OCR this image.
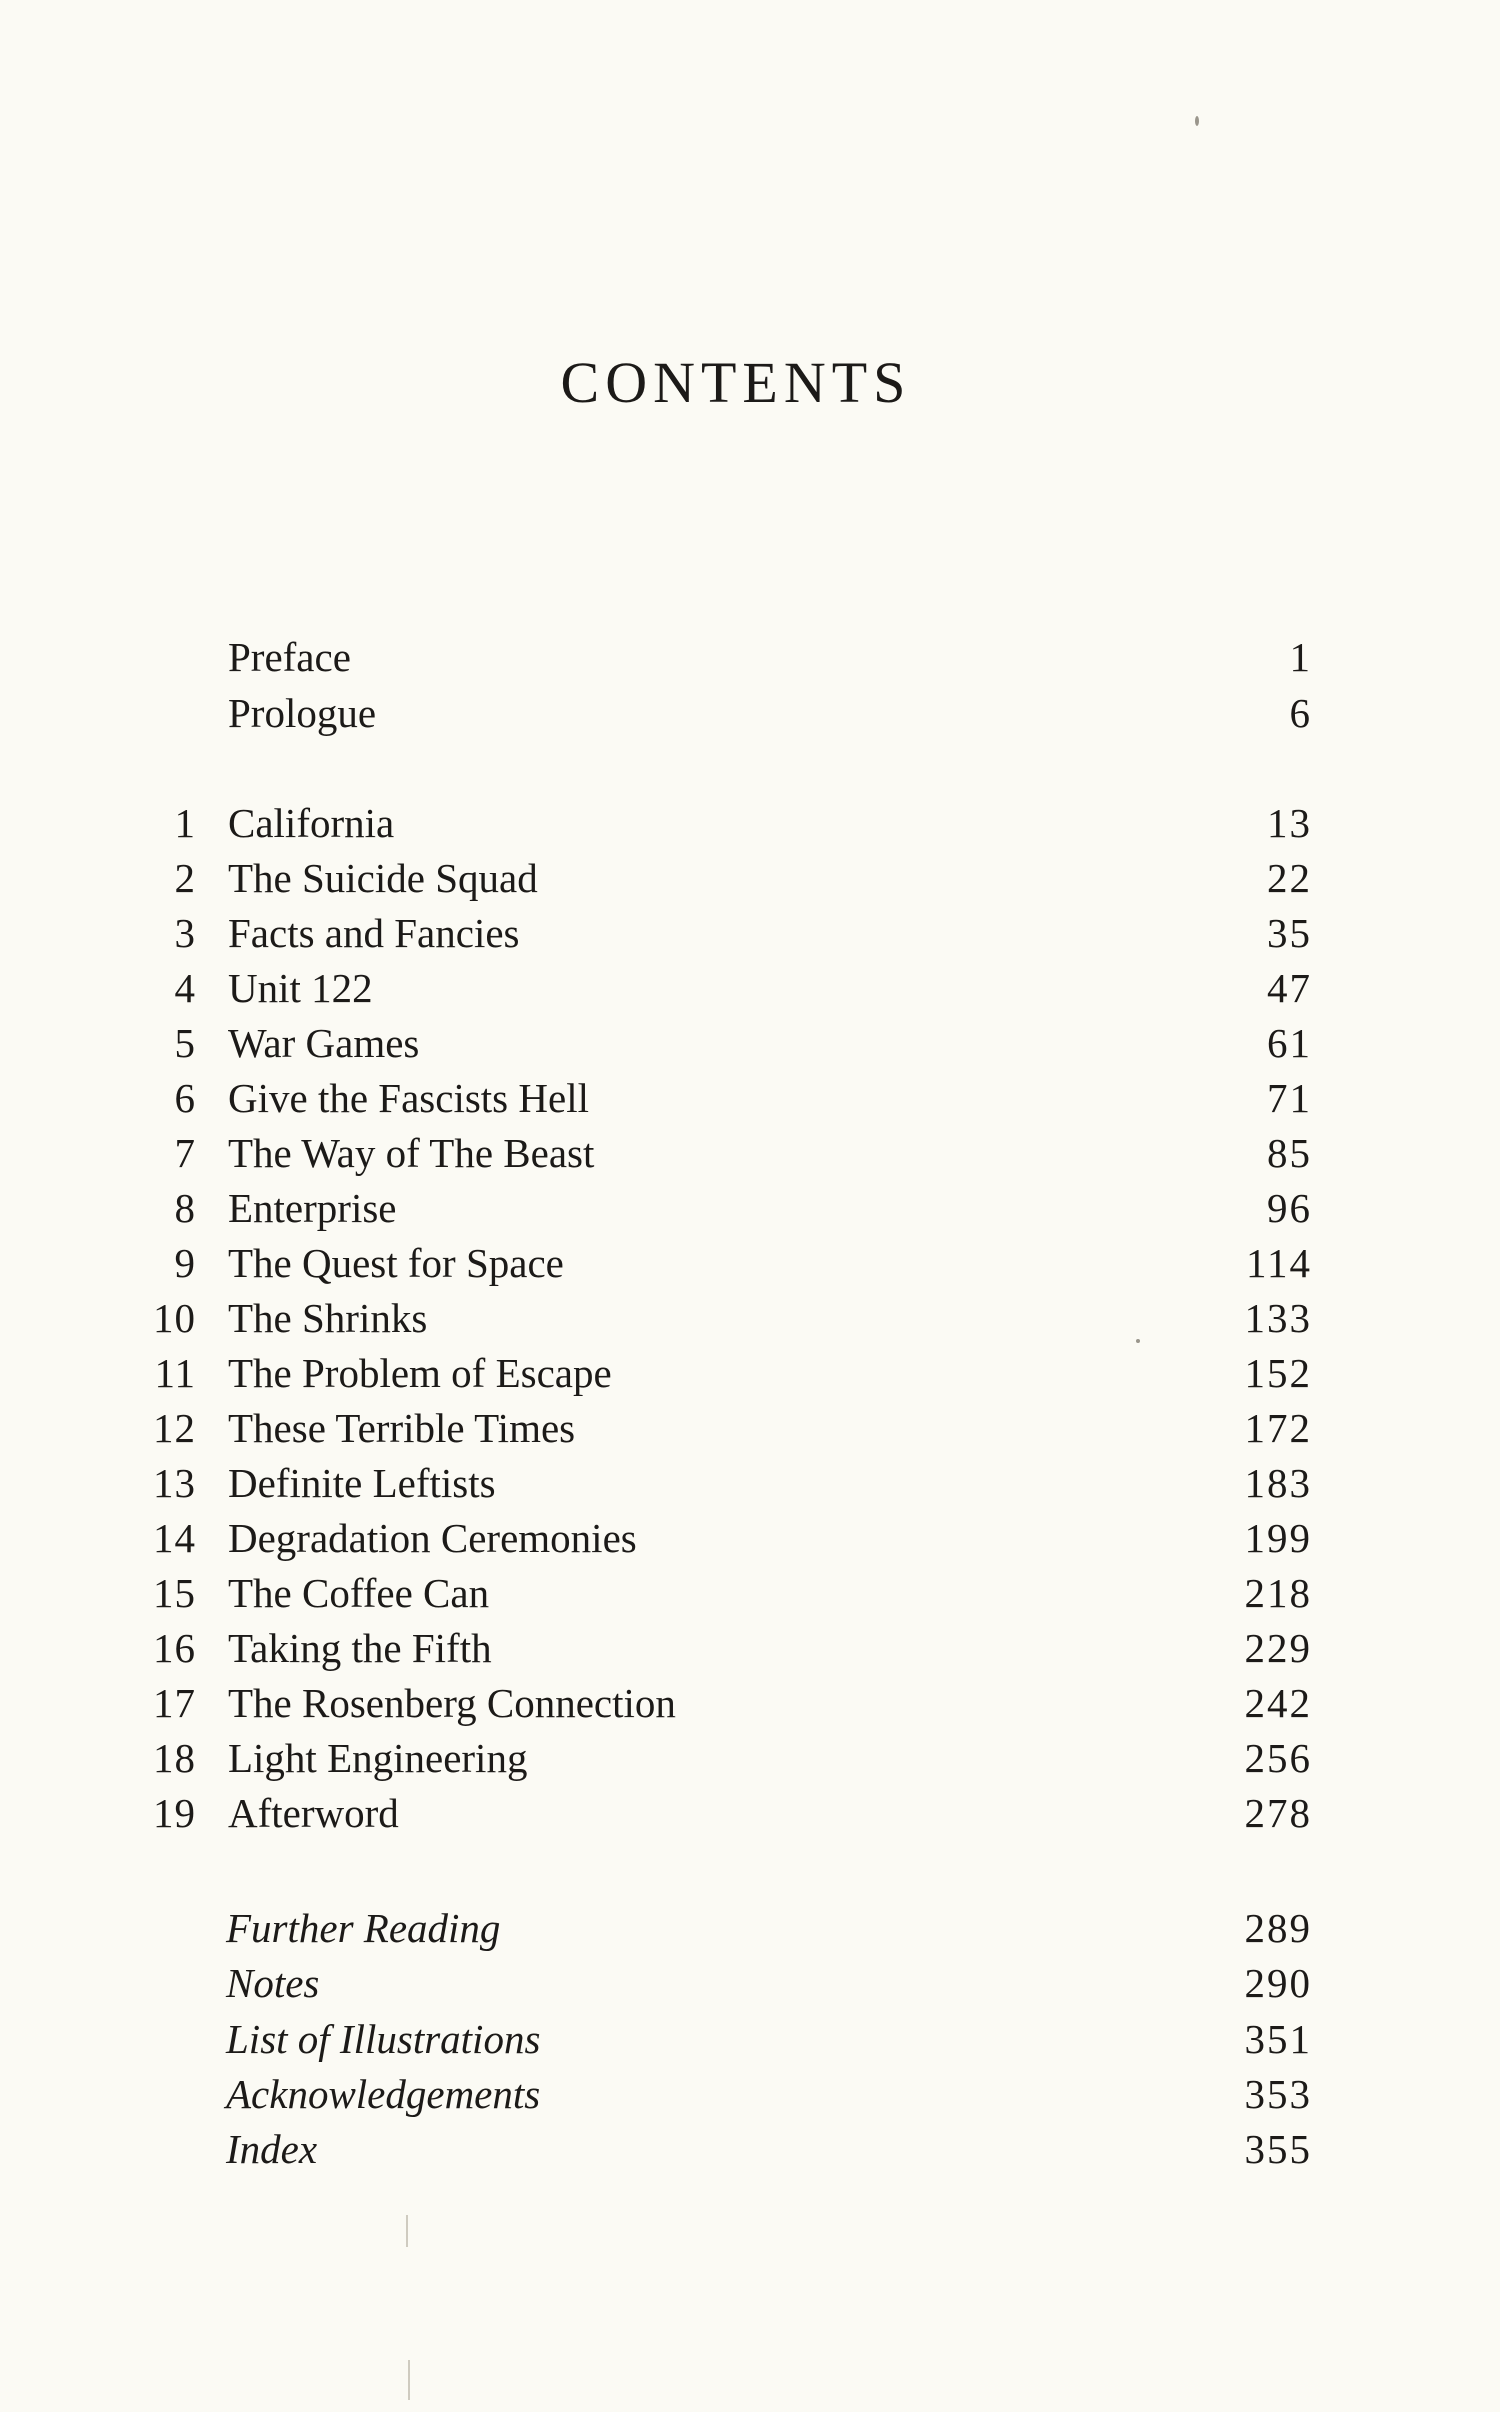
CONTENTS
Preface	1
Prologue	6
1 California	13
2 The Suicide Squad	22
3 Facts and Fancies	35
4 Unit 122	47
5 War Games	61
6 Give the Fascists Hell	71
7 The Way of The Beast	85
8 Enterprise	96
9 The Quest for Space	114
10 The Shrinks	133
11 The Problem of Escape	152
12 These Terrible Times	172
13 Definite Leftists	183
14 Degradation Ceremonies	199
15 The Coffee Can	218
16 Taking the Fifth	229
17 The Rosenberg Connection	242
18 Light Engineering	256
19 Afterword	278
Further Reading	289
Notes	290
List of Illustrations	351
Acknowledgements	353
Index	355
